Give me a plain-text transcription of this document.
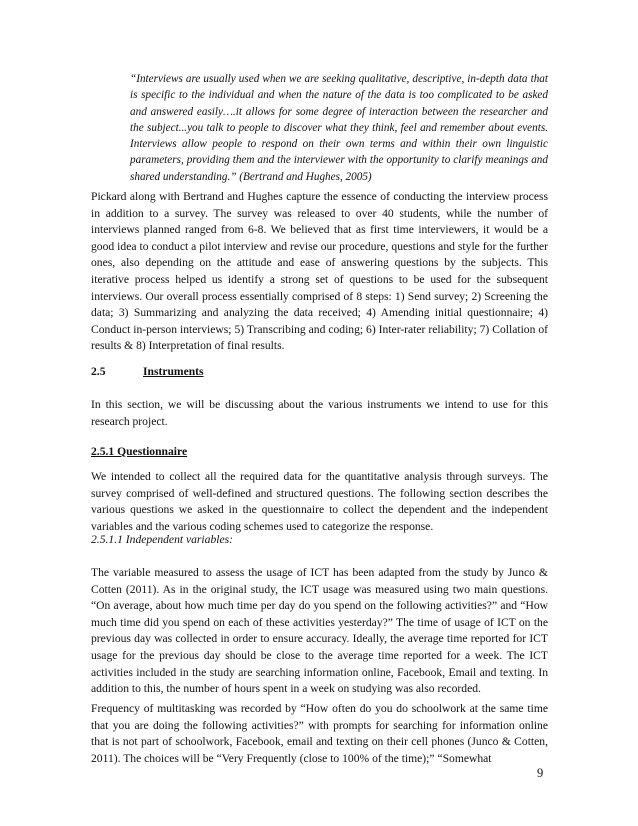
“Interviews are usually used when we are seeking qualitative, descriptive, in-depth data that is specific to the individual and when the nature of the data is too complicated to be asked and answered easily….it allows for some degree of interaction between the researcher and the subject...you talk to people to discover what they think, feel and remember about events. Interviews allow people to respond on their own terms and within their own linguistic parameters, providing them and the interviewer with the opportunity to clarify meanings and shared understanding.” (Bertrand and Hughes, 2005)

Pickard along with Bertrand and Hughes capture the essence of conducting the interview process in addition to a survey. The survey was released to over 40 students, while the number of interviews planned ranged from 6-8. We believed that as first time interviewers, it would be a good idea to conduct a pilot interview and revise our procedure, questions and style for the further ones, also depending on the attitude and ease of answering questions by the subjects. This iterative process helped us identify a strong set of questions to be used for the subsequent interviews. Our overall process essentially comprised of 8 steps: 1) Send survey; 2) Screening the data; 3) Summarizing and analyzing the data received; 4) Amending initial questionnaire; 4) Conduct in-person interviews; 5) Transcribing and coding; 6) Inter-rater reliability; 7) Collation of results & 8) Interpretation of final results.

2.5	Instruments

In this section, we will be discussing about the various instruments we intend to use for this research project.

2.5.1 Questionnaire

We intended to collect all the required data for the quantitative analysis through surveys. The survey comprised of well-defined and structured questions. The following section describes the various questions we asked in the questionnaire to collect the dependent and the independent variables and the various coding schemes used to categorize the response.

2.5.1.1 Independent variables:

The variable measured to assess the usage of ICT has been adapted from the study by Junco & Cotten (2011). As in the original study, the ICT usage was measured using two main questions. “On average, about how much time per day do you spend on the following activities?” and “How much time did you spend on each of these activities yesterday?” The time of usage of ICT on the previous day was collected in order to ensure accuracy. Ideally, the average time reported for ICT usage for the previous day should be close to the average time reported for a week. The ICT activities included in the study are searching information online, Facebook, Email and texting. In addition to this, the number of hours spent in a week on studying was also recorded.

Frequency of multitasking was recorded by “How often do you do schoolwork at the same time that you are doing the following activities?” with prompts for searching for information online that is not part of schoolwork, Facebook, email and texting on their cell phones (Junco & Cotten, 2011). The choices will be “Very Frequently (close to 100% of the time);” “Somewhat

9
